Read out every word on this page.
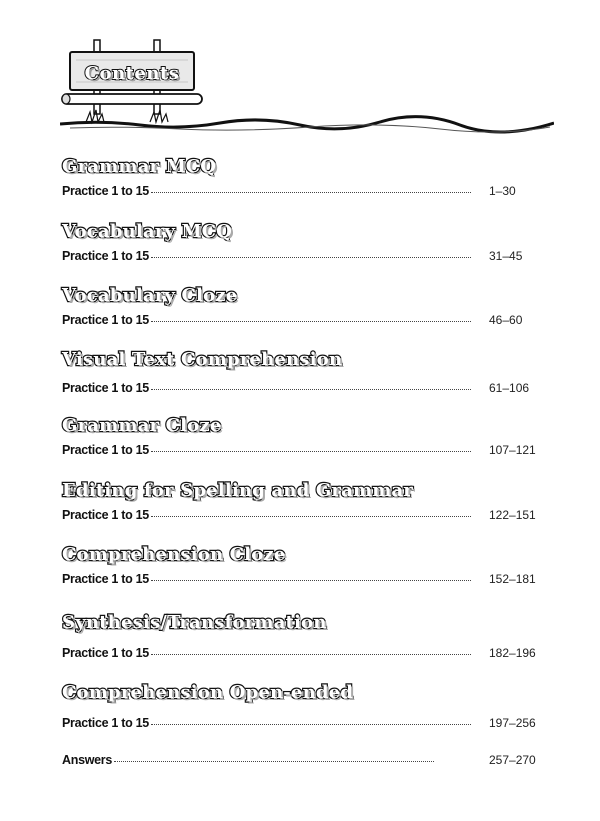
Contents
Grammar MCQ
Practice 1 to 15	1–30
Vocabulary MCQ
Practice 1 to 15	31–45
Vocabulary Cloze
Practice 1 to 15	46–60
Visual Text Comprehension
Practice 1 to 15	61–106
Grammar Cloze
Practice 1 to 15	107–121
Editing for Spelling and Grammar
Practice 1 to 15	122–151
Comprehension Cloze
Practice 1 to 15	152–181
Synthesis/Transformation
Practice 1 to 15	182–196
Comprehension Open-ended
Practice 1 to 15	197–256
Answers	257–270
